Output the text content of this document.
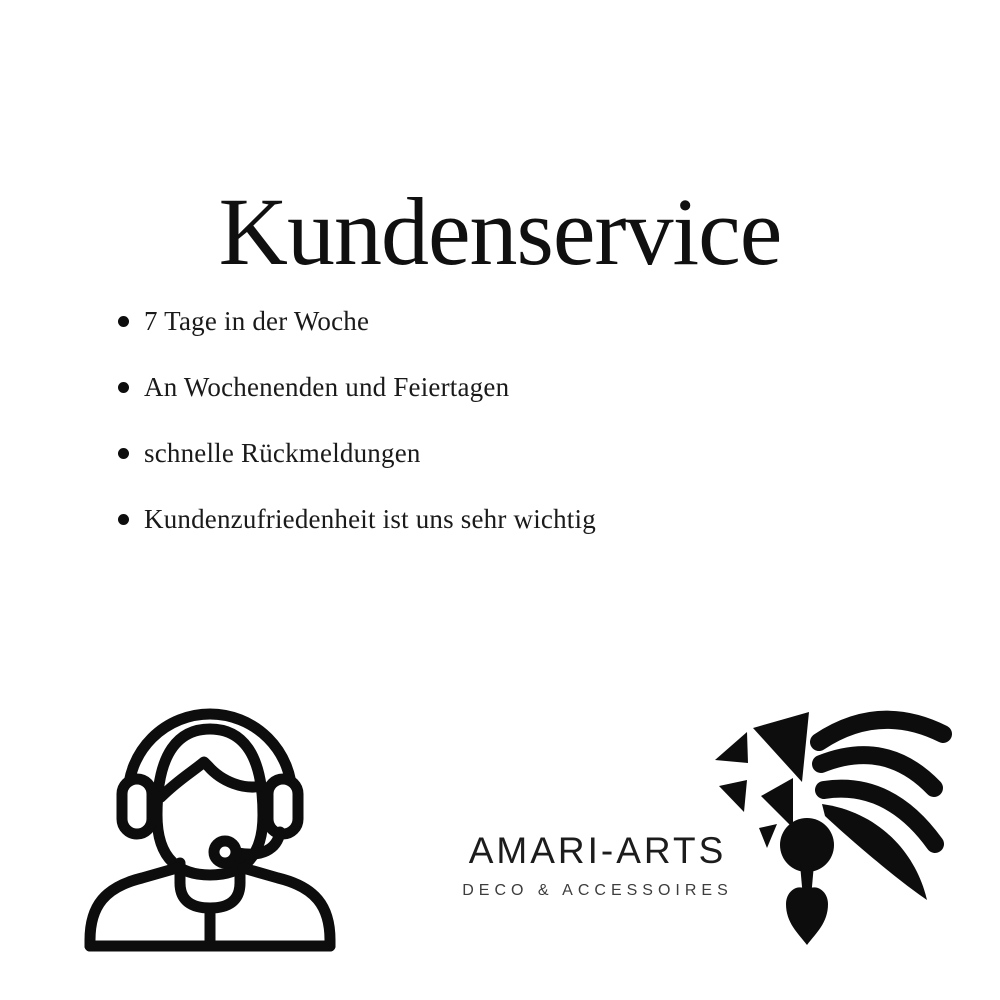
Kundenservice
7 Tage in der Woche
An Wochenenden und Feiertagen
schnelle Rückmeldungen
Kundenzufriedenheit ist uns sehr wichtig
AMARI-ARTS
DECO & ACCESSOIRES
